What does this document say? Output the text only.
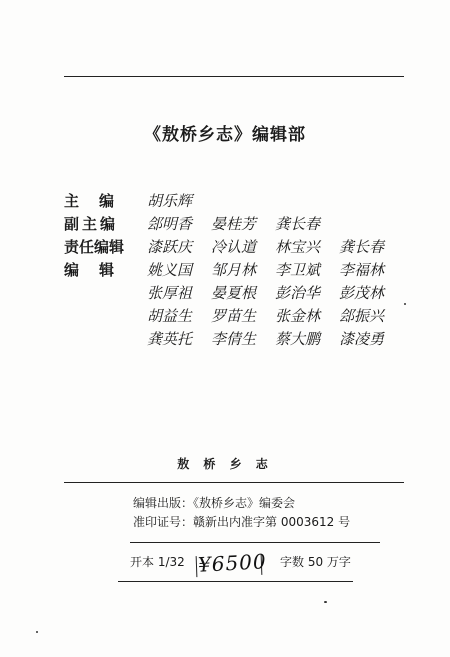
《敖桥乡志》编辑部
主编 胡乐辉
副主编	郐明香 晏桂芳 龚长春
责任编辑	漆跃庆 冷认道 林宝兴 龚长春
编辑 姚义国 邹月林 李卫斌 李福林
张厚祖 晏夏根 彭治华 彭茂林
胡益生 罗苗生 张金林 郐振兴
龚英托 李倩生 蔡大鹏 漆凌勇
敖 桥 乡 志
编辑出版：《敖桥乡志》编委会
准印证号：赣新出内准字第 0003612 号
开本 1/32	字数 50 万字
¥6500
